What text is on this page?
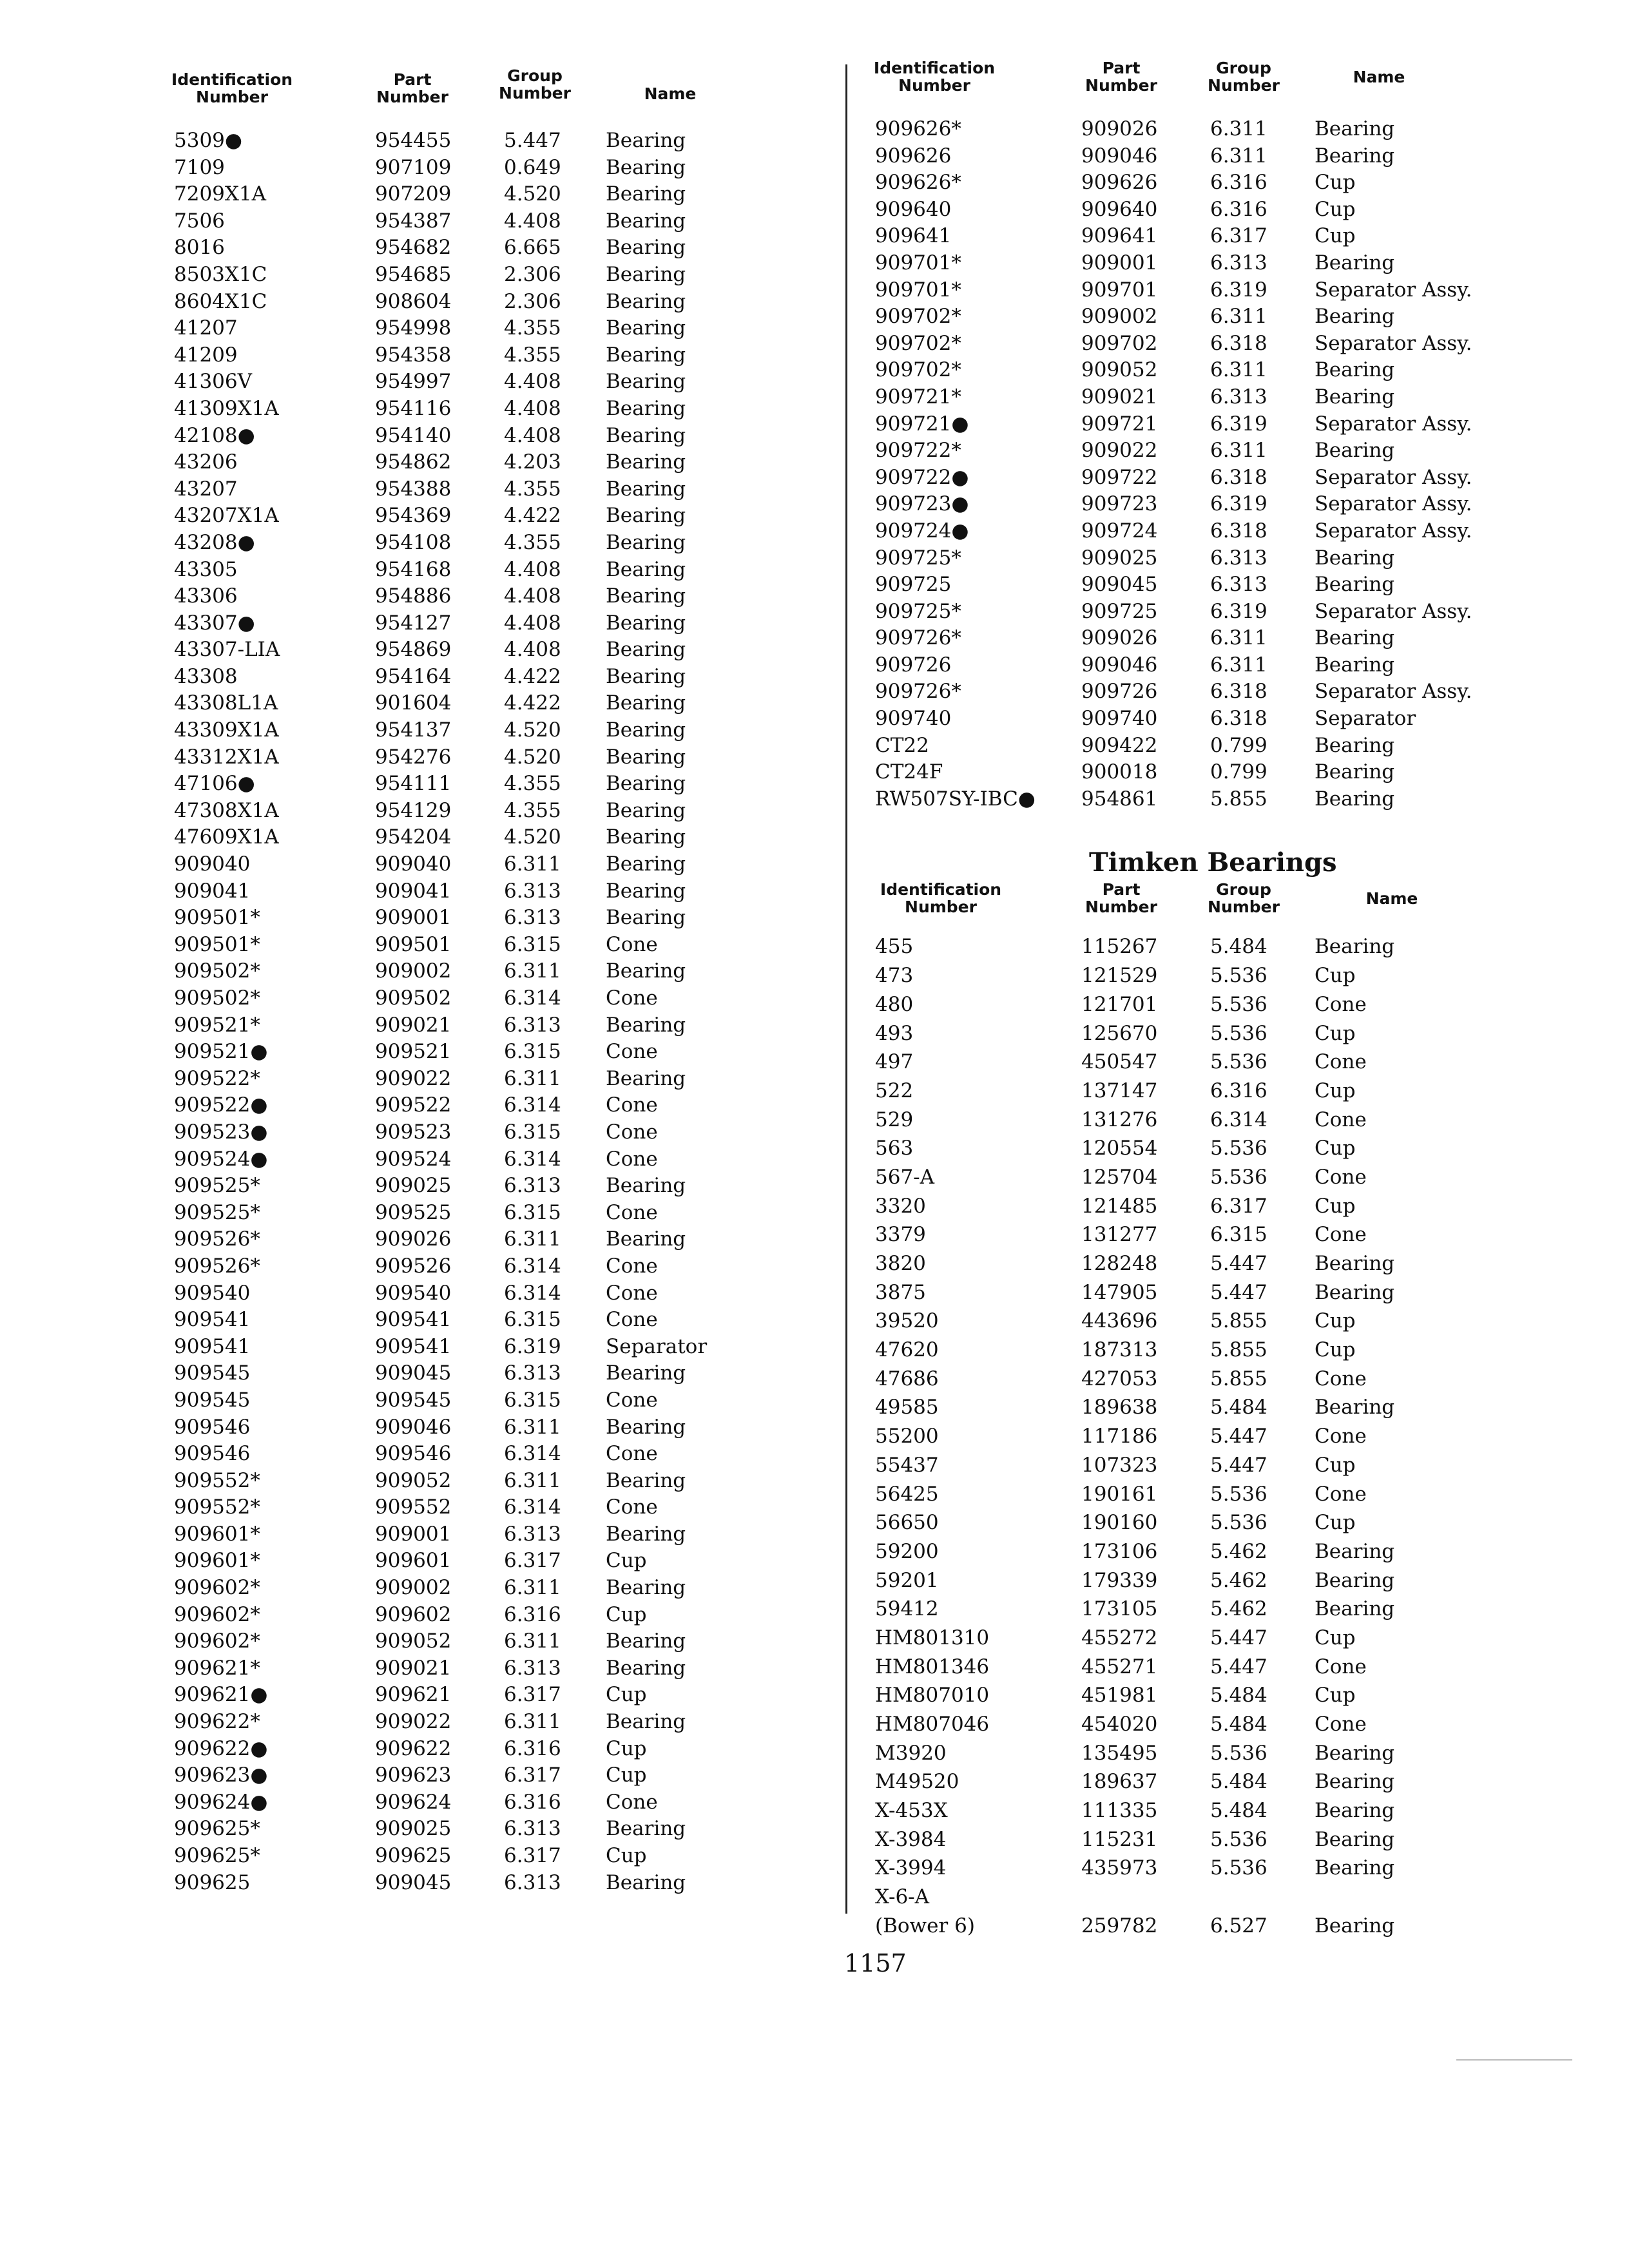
Identification
Number
Part
Number
Group
Number	Name
5309●	954455	5.447 Bearing
7109	907109	0.649 Bearing
7209X1A	907209	4.520 Bearing
7506	954387	4.408 Bearing
8016	954682	6.665 Bearing
8503X1C	954685	2.306 Bearing
8604X1C	908604	2.306 Bearing
41207	954998	4.355 Bearing
41209	954358	4.355 Bearing
41306V	954997	4.408 Bearing
41309X1A	954116	4.408 Bearing
42108●	954140	4.408 Bearing
43206	954862	4.203 Bearing
43207	954388	4.355 Bearing
43207X1A	954369	4.422 Bearing
43208●	954108	4.355 Bearing
43305	954168	4.408 Bearing
43306	954886	4.408 Bearing
43307●	954127	4.408 Bearing
43307-LIA	954869	4.408 Bearing
43308	954164	4.422 Bearing
43308L1A	901604	4.422 Bearing
43309X1A	954137	4.520 Bearing
43312X1A	954276	4.520 Bearing
47106●	954111	4.355 Bearing
47308X1A	954129	4.355 Bearing
47609X1A	954204	4.520 Bearing
909040	909040	6.311 Bearing
909041	909041	6.313 Bearing
909501*	909001	6.313 Bearing
909501*	909501	6.315 Cone
909502*	909002	6.311 Bearing
909502*	909502	6.314 Cone
909521*	909021	6.313 Bearing
909521●	909521	6.315 Cone
909522*	909022	6.311 Bearing
909522●	909522	6.314 Cone
909523●	909523	6.315 Cone
909524●	909524	6.314 Cone
909525*	909025	6.313 Bearing
909525*	909525	6.315 Cone
909526*	909026	6.311 Bearing
909526*	909526	6.314 Cone
909540	909540	6.314 Cone
909541	909541	6.315 Cone
909541	909541	6.319 Separator
909545	909045	6.313 Bearing
909545	909545	6.315 Cone
909546	909046	6.311 Bearing
909546	909546	6.314 Cone
909552*	909052	6.311 Bearing
909552*	909552	6.314 Cone
909601*	909001	6.313 Bearing
909601*	909601	6.317 Cup
909602*	909002	6.311 Bearing
909602*	909602	6.316 Cup
909602*	909052	6.311 Bearing
909621*	909021	6.313 Bearing
909621●	909621	6.317 Cup
909622*	909022	6.311 Bearing
909622●	909622	6.316 Cup
909623●	909623	6.317 Cup
909624●	909624	6.316 Cone
909625*	909025	6.313 Bearing
909625*	909625	6.317 Cup
909625	909045	6.313 Bearing
Identification
Number
Part
Number
Group
Number	Name
909626*	909026	6.311 Bearing
909626	909046	6.311 Bearing
909626*	909626	6.316 Cup
909640	909640	6.316 Cup
909641	909641	6.317 Cup
909701*	909001	6.313 Bearing
909701*	909701	6.319 Separator Assy.
909702*	909002	6.311 Bearing
909702*	909702	6.318 Separator Assy.
909702*	909052	6.311 Bearing
909721*	909021	6.313 Bearing
909721●	909721	6.319 Separator Assy.
909722*	909022	6.311 Bearing
909722●	909722	6.318 Separator Assy.
909723●	909723	6.319 Separator Assy.
909724●	909724	6.318 Separator Assy.
909725*	909025	6.313 Bearing
909725	909045	6.313 Bearing
909725*	909725	6.319 Separator Assy.
909726*	909026	6.311 Bearing
909726	909046	6.311 Bearing
909726*	909726	6.318 Separator Assy.
909740	909740	6.318 Separator
CT22	909422	0.799 Bearing
CT24F	900018	0.799 Bearing
RW507SY-IBC● 954861	5.855 Bearing
Timken Bearings
Identification
Number
Part
Number
Group
Number	Name
455	115267	5.484 Bearing
473	121529	5.536 Cup
480	121701	5.536 Cone
493	125670	5.536 Cup
497	450547	5.536 Cone
522	137147	6.316 Cup
529	131276	6.314 Cone
563	120554	5.536 Cup
567-A	125704	5.536 Cone
3320	121485	6.317 Cup
3379	131277	6.315 Cone
3820	128248	5.447 Bearing
3875	147905	5.447 Bearing
39520	443696	5.855 Cup
47620	187313	5.855 Cup
47686	427053	5.855 Cone
49585	189638	5.484 Bearing
55200	117186	5.447 Cone
55437	107323	5.447 Cup
56425	190161	5.536 Cone
56650	190160	5.536 Cup
59200	173106	5.462 Bearing
59201	179339	5.462 Bearing
59412	173105	5.462 Bearing
HM801310	455272	5.447 Cup
HM801346	455271	5.447 Cone
HM807010	451981	5.484 Cup
HM807046	454020	5.484 Cone
M3920	135495	5.536 Bearing
M49520	189637	5.484 Bearing
X-453X	111335	5.484 Bearing
X-3984	115231	5.536 Bearing
X-3994	435973	5.536 Bearing
X-6-A
(Bower 6)	259782	6.527 Bearing
1157
